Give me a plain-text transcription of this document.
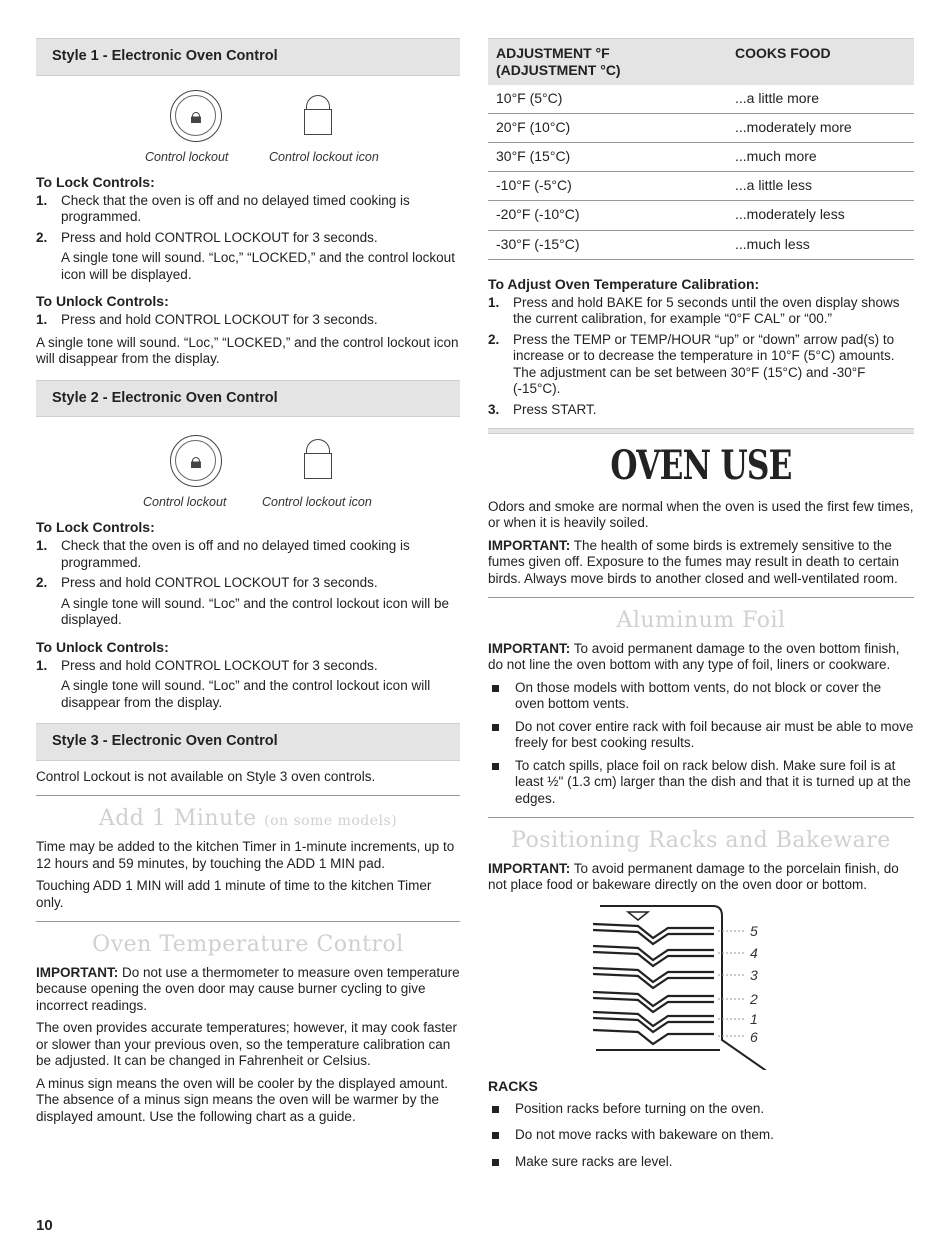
Style 1 - Electronic Oven Control
🔒︎
Control lockout	Control lockout icon
To Lock Controls:
1. Check that the oven is off and no delayed timed cooking is programmed.
2. Press and hold CONTROL LOCKOUT for 3 seconds.
A single tone will sound. “Loc,” “LOCKED,” and the control lockout icon will be displayed.
To Unlock Controls:
1. Press and hold CONTROL LOCKOUT for 3 seconds.
A single tone will sound. “Loc,” “LOCKED,” and the control lockout icon will disappear from the display.
Style 2 - Electronic Oven Control
🔒︎
Control lockout	Control lockout icon
To Lock Controls:
1. Check that the oven is off and no delayed timed cooking is programmed.
2. Press and hold CONTROL LOCKOUT for 3 seconds.
A single tone will sound. “Loc” and the control lockout icon will be displayed.
To Unlock Controls:
1. Press and hold CONTROL LOCKOUT for 3 seconds.
A single tone will sound. “Loc” and the control lockout icon will disappear from the display.
Style 3 - Electronic Oven Control
Control Lockout is not available on Style 3 oven controls.
Add 1 Minute (on some models)
Time may be added to the kitchen Timer in 1-minute increments, up to 12 hours and 59 minutes, by touching the ADD 1 MIN pad.
Touching ADD 1 MIN will add 1 minute of time to the kitchen Timer only.
Oven Temperature Control
IMPORTANT: Do not use a thermometer to measure oven temperature because opening the oven door may cause burner cycling to give incorrect readings.
The oven provides accurate temperatures; however, it may cook faster or slower than your previous oven, so the temperature calibration can be adjusted. It can be changed in Fahrenheit or Celsius.
A minus sign means the oven will be cooler by the displayed amount. The absence of a minus sign means the oven will be warmer by the displayed amount. Use the following chart as a guide.
10
ADJUSTMENT °F
(ADJUSTMENT °C)	COOKS FOOD
10°F (5°C)	...a little more
20°F (10°C)	...moderately more
30°F (15°C)	...much more
-10°F (-5°C)	...a little less
-20°F (-10°C)	...moderately less
-30°F (-15°C)	...much less
To Adjust Oven Temperature Calibration:
1. Press and hold BAKE for 5 seconds until the oven display shows the current calibration, for example “0°F CAL” or “00.”
2. Press the TEMP or TEMP/HOUR “up” or “down” arrow pad(s) to increase or to decrease the temperature in 10°F (5°C) amounts. The adjustment can be set between 30°F (15°C) and -30°F (-15°C).
3. Press START.
OVEN USE
Odors and smoke are normal when the oven is used the first few times, or when it is heavily soiled.
IMPORTANT: The health of some birds is extremely sensitive to the fumes given off. Exposure to the fumes may result in death to certain birds. Always move birds to another closed and well-ventilated room.
Aluminum Foil
IMPORTANT: To avoid permanent damage to the oven bottom finish, do not line the oven bottom with any type of foil, liners or cookware.
On those models with bottom vents, do not block or cover the oven bottom vents.
Do not cover entire rack with foil because air must be able to move freely for best cooking results.
To catch spills, place foil on rack below dish. Make sure foil is at least ½" (1.3 cm) larger than the dish and that it is turned up at the edges.
Positioning Racks and Bakeware
IMPORTANT: To avoid permanent damage to the porcelain finish, do not place food or bakeware directly on the oven door or bottom.
5
4
3
2
1
6
RACKS
Position racks before turning on the oven.
Do not move racks with bakeware on them.
Make sure racks are level.
